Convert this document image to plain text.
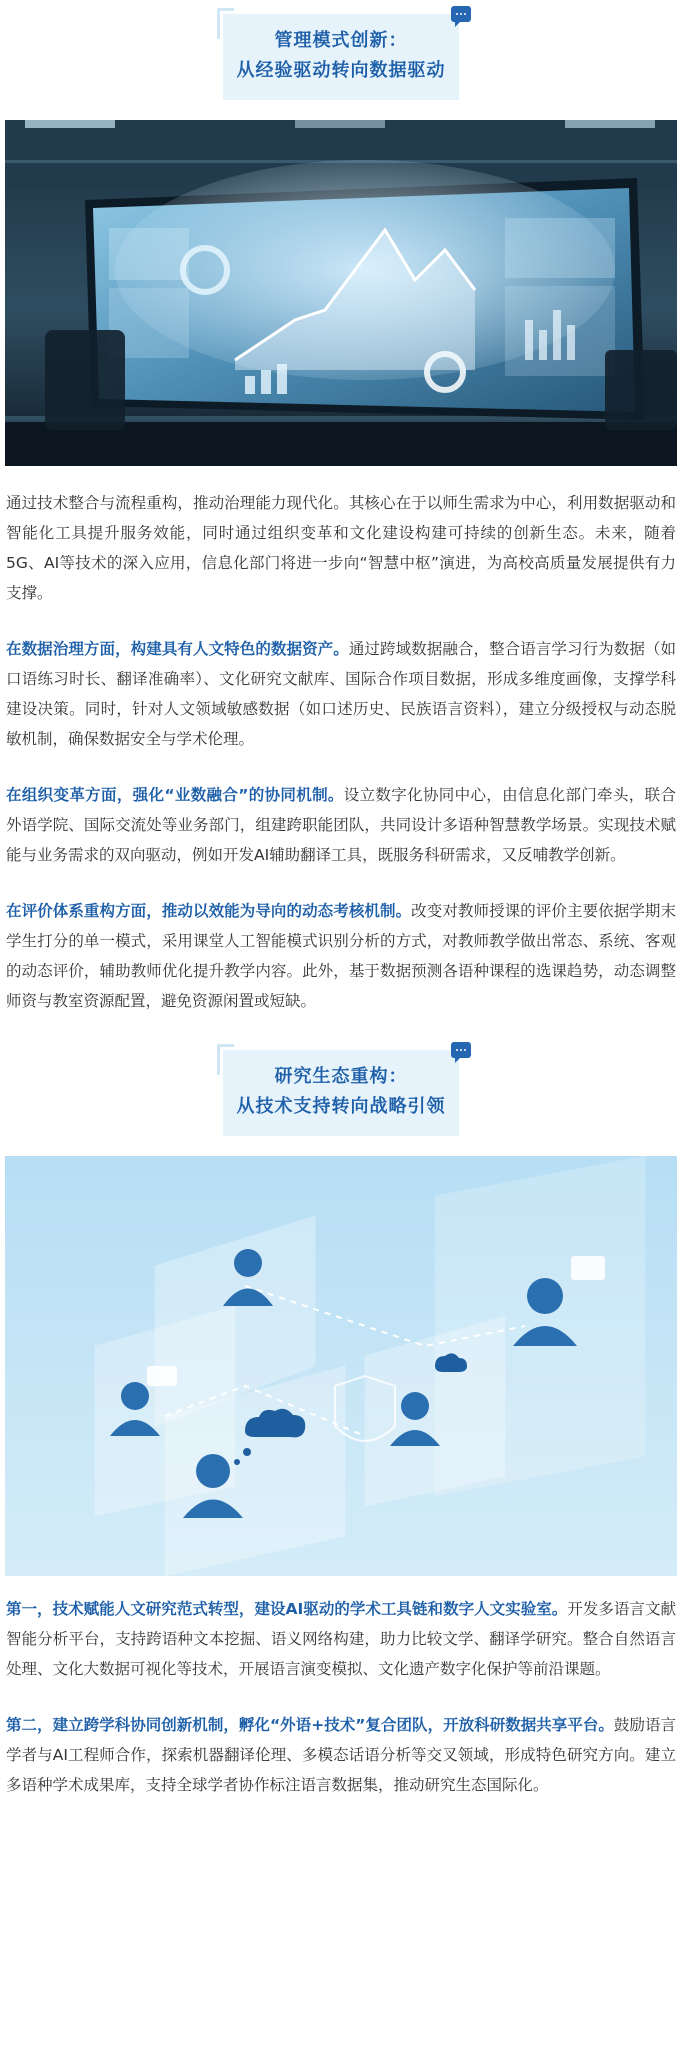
管理模式创新：
从经验驱动转向数据驱动

通过技术整合与流程重构，推动治理能力现代化。其核心在于以师生需求为中心，利用数据驱动和智能化工具提升服务效能，同时通过组织变革和文化建设构建可持续的创新生态。未来，随着5G、AI等技术的深入应用，信息化部门将进一步向“智慧中枢”演进，为高校高质量发展提供有力支撑。

在数据治理方面，构建具有人文特色的数据资产。通过跨域数据融合，整合语言学习行为数据（如口语练习时长、翻译准确率）、文化研究文献库、国际合作项目数据，形成多维度画像，支撑学科建设决策。同时，针对人文领域敏感数据（如口述历史、民族语言资料），建立分级授权与动态脱敏机制，确保数据安全与学术伦理。

在组织变革方面，强化“业数融合”的协同机制。设立数字化协同中心，由信息化部门牵头，联合外语学院、国际交流处等业务部门，组建跨职能团队，共同设计多语种智慧教学场景。实现技术赋能与业务需求的双向驱动，例如开发AI辅助翻译工具，既服务科研需求，又反哺教学创新。

在评价体系重构方面，推动以效能为导向的动态考核机制。改变对教师授课的评价主要依据学期末学生打分的单一模式，采用课堂人工智能模式识别分析的方式，对教师教学做出常态、系统、客观的动态评价，辅助教师优化提升教学内容。此外，基于数据预测各语种课程的选课趋势，动态调整师资与教室资源配置，避免资源闲置或短缺。

研究生态重构：
从技术支持转向战略引领

第一，技术赋能人文研究范式转型，建设AI驱动的学术工具链和数字人文实验室。开发多语言文献智能分析平台，支持跨语种文本挖掘、语义网络构建，助力比较文学、翻译学研究。整合自然语言处理、文化大数据可视化等技术，开展语言演变模拟、文化遗产数字化保护等前沿课题。

第二，建立跨学科协同创新机制，孵化“外语+技术”复合团队，开放科研数据共享平台。鼓励语言学者与AI工程师合作，探索机器翻译伦理、多模态话语分析等交叉领域，形成特色研究方向。建立多语种学术成果库，支持全球学者协作标注语言数据集，推动研究生态国际化。
